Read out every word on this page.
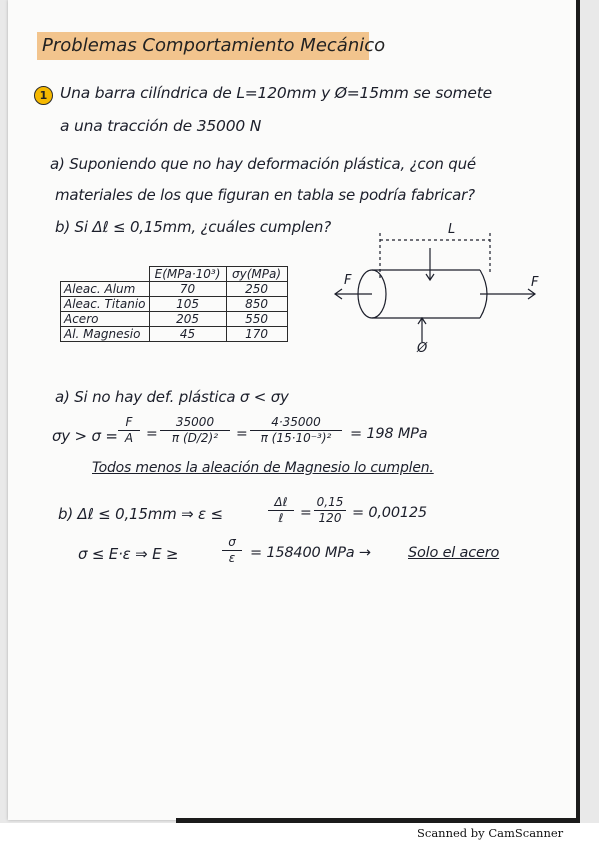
Problemas Comportamiento Mecánico
1 Una barra cilíndrica de L=120mm y Ø=15mm se somete
a una tracción de 35000 N
a) Suponiendo que no hay deformación plástica, ¿con qué
materiales de los que figuran en tabla se podría fabricar?
b) Si Δℓ ≤ 0,15mm, ¿cuáles cumplen?
	E(MPa·10³)	σy(MPa)
Aleac. Alum	70	250
Aleac. Titanio	105	850
Acero	205	550
Al. Magnesio	45	170
L
F	F
Ø
a) Si no hay def. plástica σ < σy
σy > σ =
F
A =
35000
π (D/2)²	=
4·35000
π (15·10⁻³)²	= 198 MPa
Todos menos la aleación de Magnesio lo cumplen.
b) Δℓ ≤ 0,15mm ⇒ ε ≤
Δℓ
ℓ	=
0,15
120 = 0,00125
σ ≤ E·ε ⇒ E ≥
σ
ε	= 158400 MPa →	Solo el acero
Scanned by CamScanner
